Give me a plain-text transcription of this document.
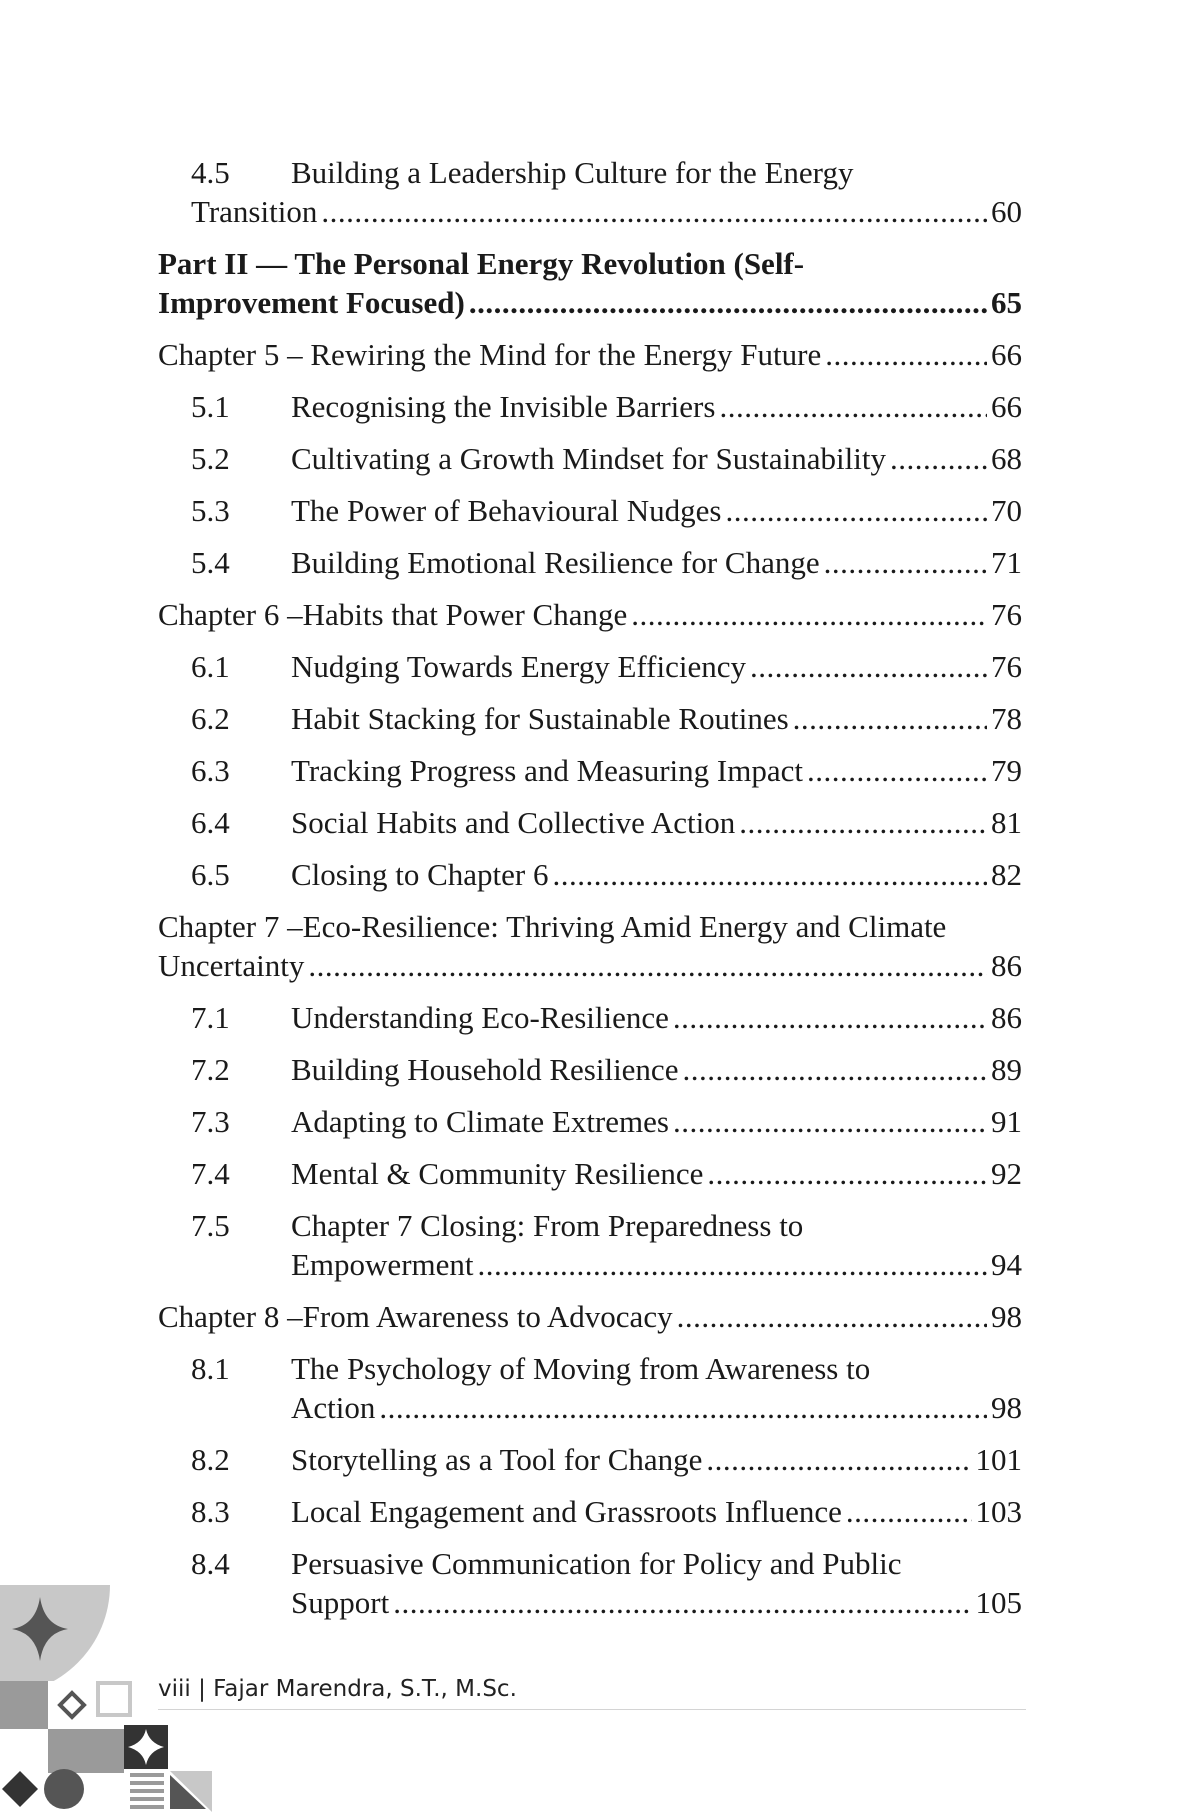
4.5 Building a Leadership Culture for the Energy
Transition .....	60
Part II — The Personal Energy Revolution (Self-
Improvement Focused) .....	65
Chapter 5 – Rewiring the Mind for the Energy Future .....	66
5.1 Recognising the Invisible Barriers .....	66
5.2 Cultivating a Growth Mindset for Sustainability .....	68
5.3 The Power of Behavioural Nudges .....	70
5.4 Building Emotional Resilience for Change .....	71
Chapter 6 –Habits that Power Change .....	76
6.1 Nudging Towards Energy Efficiency .....	76
6.2 Habit Stacking for Sustainable Routines .....	78
6.3 Tracking Progress and Measuring Impact .....	79
6.4 Social Habits and Collective Action .....	81
6.5 Closing to Chapter 6 .....	82
Chapter 7 –Eco-Resilience: Thriving Amid Energy and Climate
Uncertainty .....	86
7.1 Understanding Eco-Resilience .....	86
7.2 Building Household Resilience .....	89
7.3 Adapting to Climate Extremes .....	91
7.4 Mental & Community Resilience .....	92
7.5 Chapter 7 Closing: From Preparedness to
Empowerment .....	94
Chapter 8 –From Awareness to Advocacy .....	98
8.1 The Psychology of Moving from Awareness to
Action .....	98
8.2 Storytelling as a Tool for Change .....	101
8.3 Local Engagement and Grassroots Influence .....	103
8.4 Persuasive Communication for Policy and Public
Support .....	105
viii | Fajar Marendra, S.T., M.Sc.
